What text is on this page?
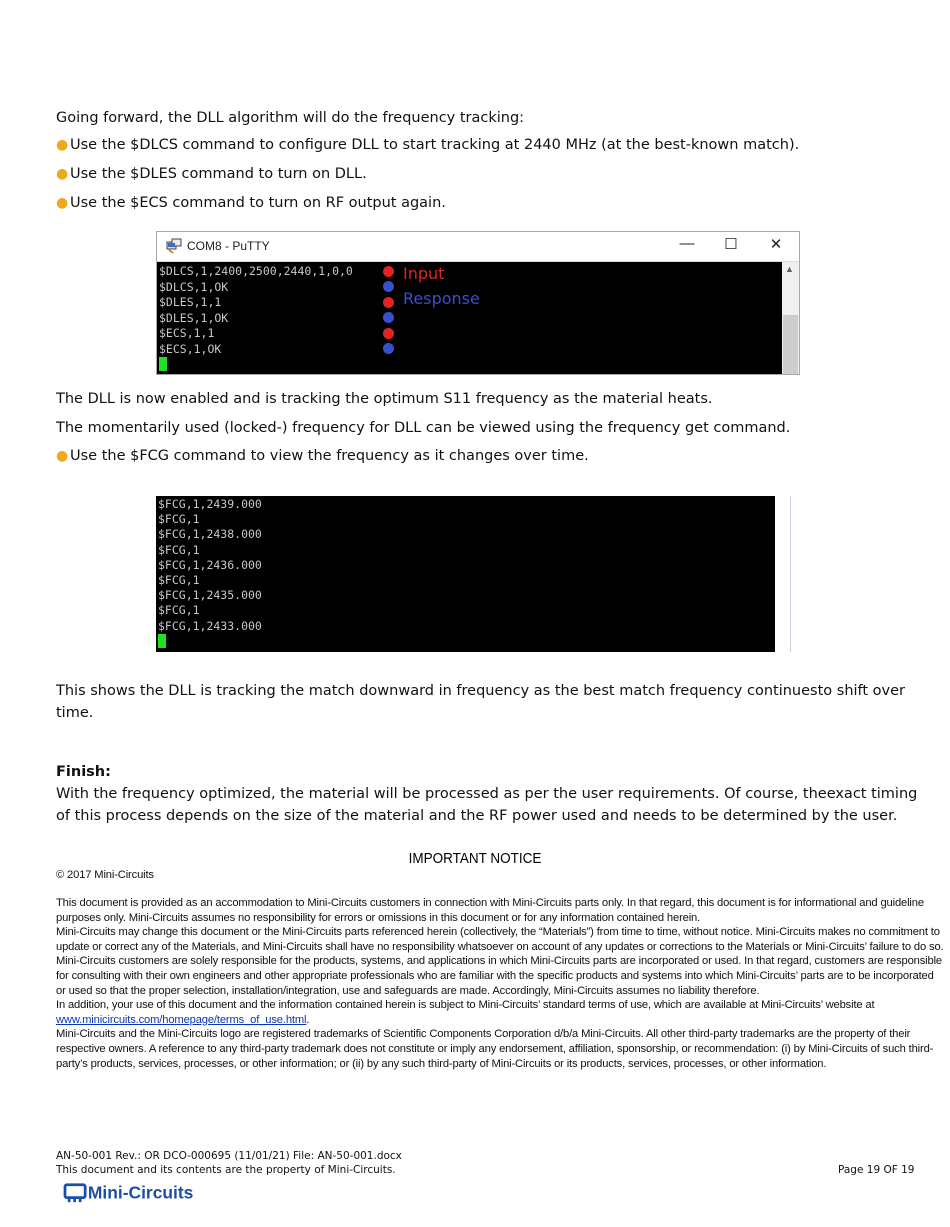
Going forward, the DLL algorithm will do the frequency tracking:
● Use the $DLCS command to configure DLL to start tracking at 2440 MHz (at the best-known match).
● Use the $DLES command to turn on DLL.
● Use the $ECS command to turn on RF output again.
COM8 - PuTTY	— ☐ ✕
$DLCS,1,2400,2500,2440,1,0,0
$DLCS,1,OK
$DLES,1,1
$DLES,1,OK
$ECS,1,1
$ECS,1,OK
Input
Response
▲
The DLL is now enabled and is tracking the optimum S11 frequency as the material heats.
The momentarily used (locked-) frequency for DLL can be viewed using the frequency get command.
● Use the $FCG command to view the frequency as it changes over time.
$FCG,1,2439.000
$FCG,1
$FCG,1,2438.000
$FCG,1
$FCG,1,2436.000
$FCG,1
$FCG,1,2435.000
$FCG,1
$FCG,1,2433.000
This shows the DLL is tracking the match downward in frequency as the best match frequency continuesto shift over
time.
Finish:
With the frequency optimized, the material will be processed as per the user requirements. Of course, theexact timing
of this process depends on the size of the material and the RF power used and needs to be determined by the user.
IMPORTANT NOTICE
© 2017 Mini-Circuits
This document is provided as an accommodation to Mini-Circuits customers in connection with Mini-Circuits parts only. In that regard, this document is for informational and guideline purposes only. Mini-Circuits assumes no responsibility for errors or omissions in this document or for any information contained herein.
Mini-Circuits may change this document or the Mini-Circuits parts referenced herein (collectively, the “Materials”) from time to time, without notice. Mini-Circuits makes no commitment to update or correct any of the Materials, and Mini-Circuits shall have no responsibility whatsoever on account of any updates or corrections to the Materials or Mini-Circuits’ failure to do so.
Mini-Circuits customers are solely responsible for the products, systems, and applications in which Mini-Circuits parts are incorporated or used. In that regard, customers are responsible for consulting with their own engineers and other appropriate professionals who are familiar with the specific products and systems into which Mini-Circuits’ parts are to be incorporated or used so that the proper selection, installation/integration, use and safeguards are made. Accordingly, Mini-Circuits assumes no liability therefore.
In addition, your use of this document and the information contained herein is subject to Mini-Circuits’ standard terms of use, which are available at Mini-Circuits’ website at
www.minicircuits.com/homepage/terms_of_use.html.
Mini-Circuits and the Mini-Circuits logo are registered trademarks of Scientific Components Corporation d/b/a Mini-Circuits. All other third-party trademarks are the property of their respective owners. A reference to any third-party trademark does not constitute or imply any endorsement, affiliation, sponsorship, or recommendation: (i) by Mini-Circuits of such third-party’s products, services, processes, or other information; or (ii) by any such third-party of Mini-Circuits or its products, services, processes, or other information.
AN-50-001 Rev.: OR DCO-000695 (11/01/21) File: AN-50-001.docx
This document and its contents are the property of Mini-Circuits.	Page 19 OF 19
Mini-Circuits
